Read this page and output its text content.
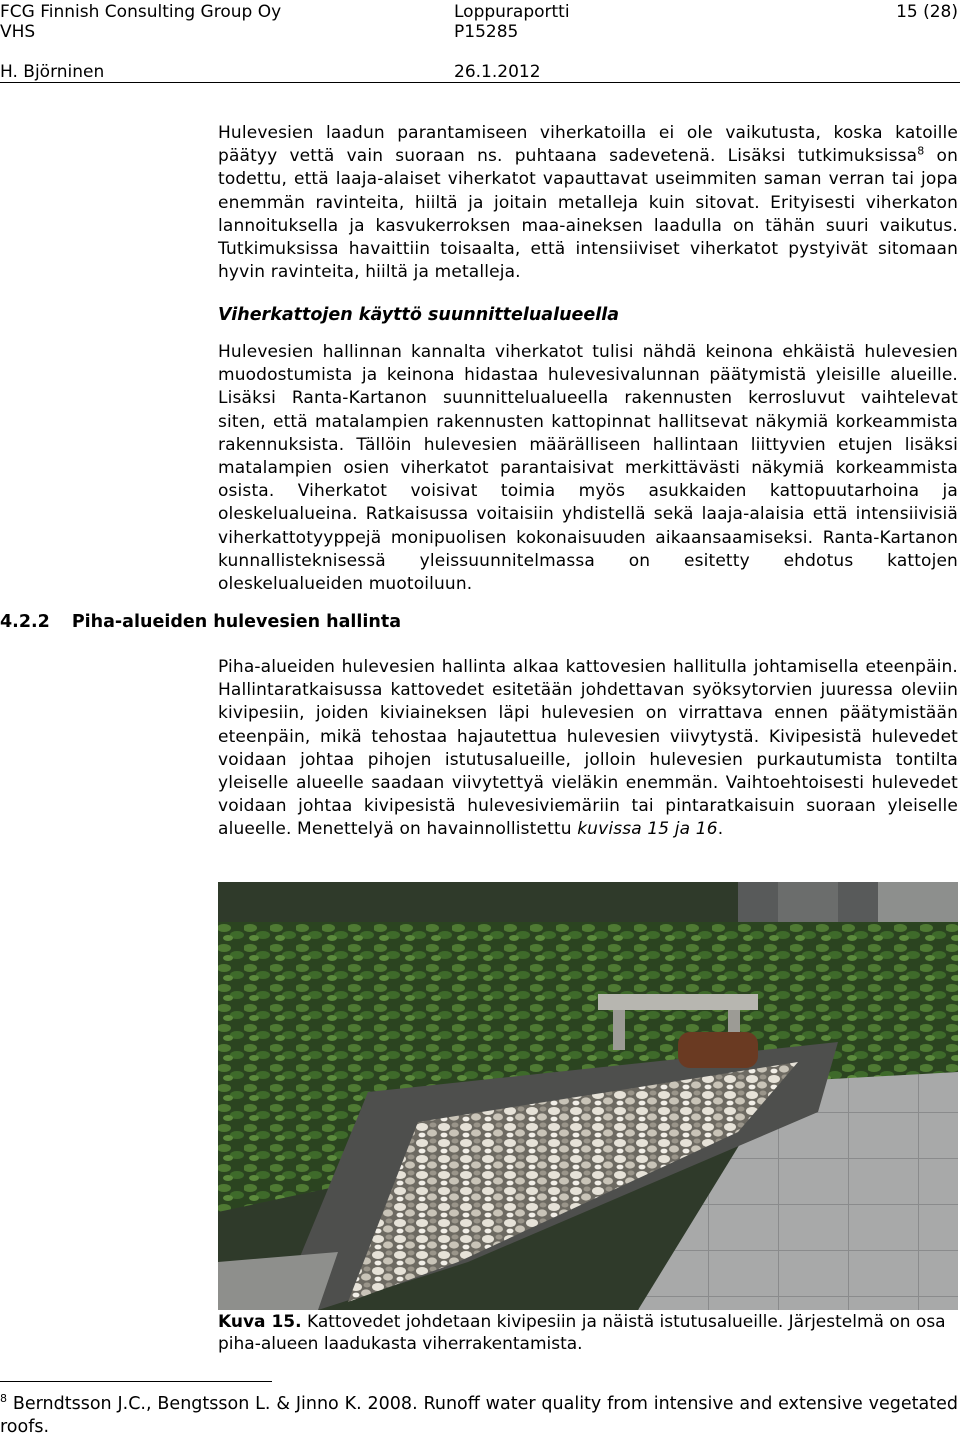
FCG Finnish Consulting Group Oy	Loppuraportti	15 (28)
VHS	P15285
H. Björninen	26.1.2012

Hulevesien laadun parantamiseen viherkatoilla ei ole vaikutusta, koska katoille päätyy vettä vain suoraan ns. puhtaana sadevetenä. Lisäksi tutkimuksissa$^8$ on todettu, että laaja-alaiset viherkatot vapauttavat useimmiten saman verran tai jopa enemmän ravinteita, hiiltä ja joitain metalleja kuin sitovat. Erityisesti viherkaton lannoituksella ja kasvukerroksen maa-aineksen laadulla on tähän suuri vaikutus. Tutkimuksissa havaittiin toisaalta, että intensiiviset viherkatot pystyivät sitomaan hyvin ravinteita, hiiltä ja metalleja.

Viherkattojen käyttö suunnittelualueella

Hulevesien hallinnan kannalta viherkatot tulisi nähdä keinona ehkäistä hulevesien muodostumista ja keinona hidastaa hulevesivalunnan päätymistä yleisille alueille. Lisäksi Ranta-Kartanon suunnittelualueella rakennusten kerrosluvut vaihtelevat siten, että matalampien rakennusten kattopinnat hallitsevat näkymiä korkeammista rakennuksista. Tällöin hulevesien määrälliseen hallintaan liittyvien etujen lisäksi matalampien osien viherkatot parantaisivat merkittävästi näkymiä korkeammista osista. Viherkatot voisivat toimia myös asukkaiden kattopuutarhoina ja oleskelualueina. Ratkaisussa voitaisiin yhdistellä sekä laaja-alaisia että intensiivisiä viherkattotyyppejä monipuolisen kokonaisuuden aikaansaamiseksi. Ranta-Kartanon kunnallisteknisessä yleissuunnitelmassa on esitetty ehdotus kattojen oleskelualueiden muotoiluun.

4.2.2 Piha-alueiden hulevesien hallinta

Piha-alueiden hulevesien hallinta alkaa kattovesien hallitulla johtamisella eteenpäin. Hallintaratkaisussa kattovedet esitetään johdettavan syöksytorvien juuressa oleviin kivipesiin, joiden kiviaineksen läpi hulevesien on virrattava ennen päätymistään eteenpäin, mikä tehostaa hajautettua hulevesien viivytystä. Kivipesistä hulevedet voidaan johtaa pihojen istutusalueille, jolloin hulevesien purkautumista tontilta yleiselle alueelle saadaan viivytettyä vieläkin enemmän. Vaihtoehtoisesti hulevedet voidaan johtaa kivipesistä hulevesiviemäriin tai pintaratkaisuin suoraan yleiselle alueelle. Menettelyä on havainnollistettu kuvissa 15 ja 16.

Kuva 15. Kattovedet johdetaan kivipesiin ja näistä istutusalueille. Järjestelmä on osa piha-alueen laadukasta viherrakentamista.

$^8$ Berndtsson J.C., Bengtsson L. & Jinno K. 2008. Runoff water quality from intensive and extensive vegetated roofs.
